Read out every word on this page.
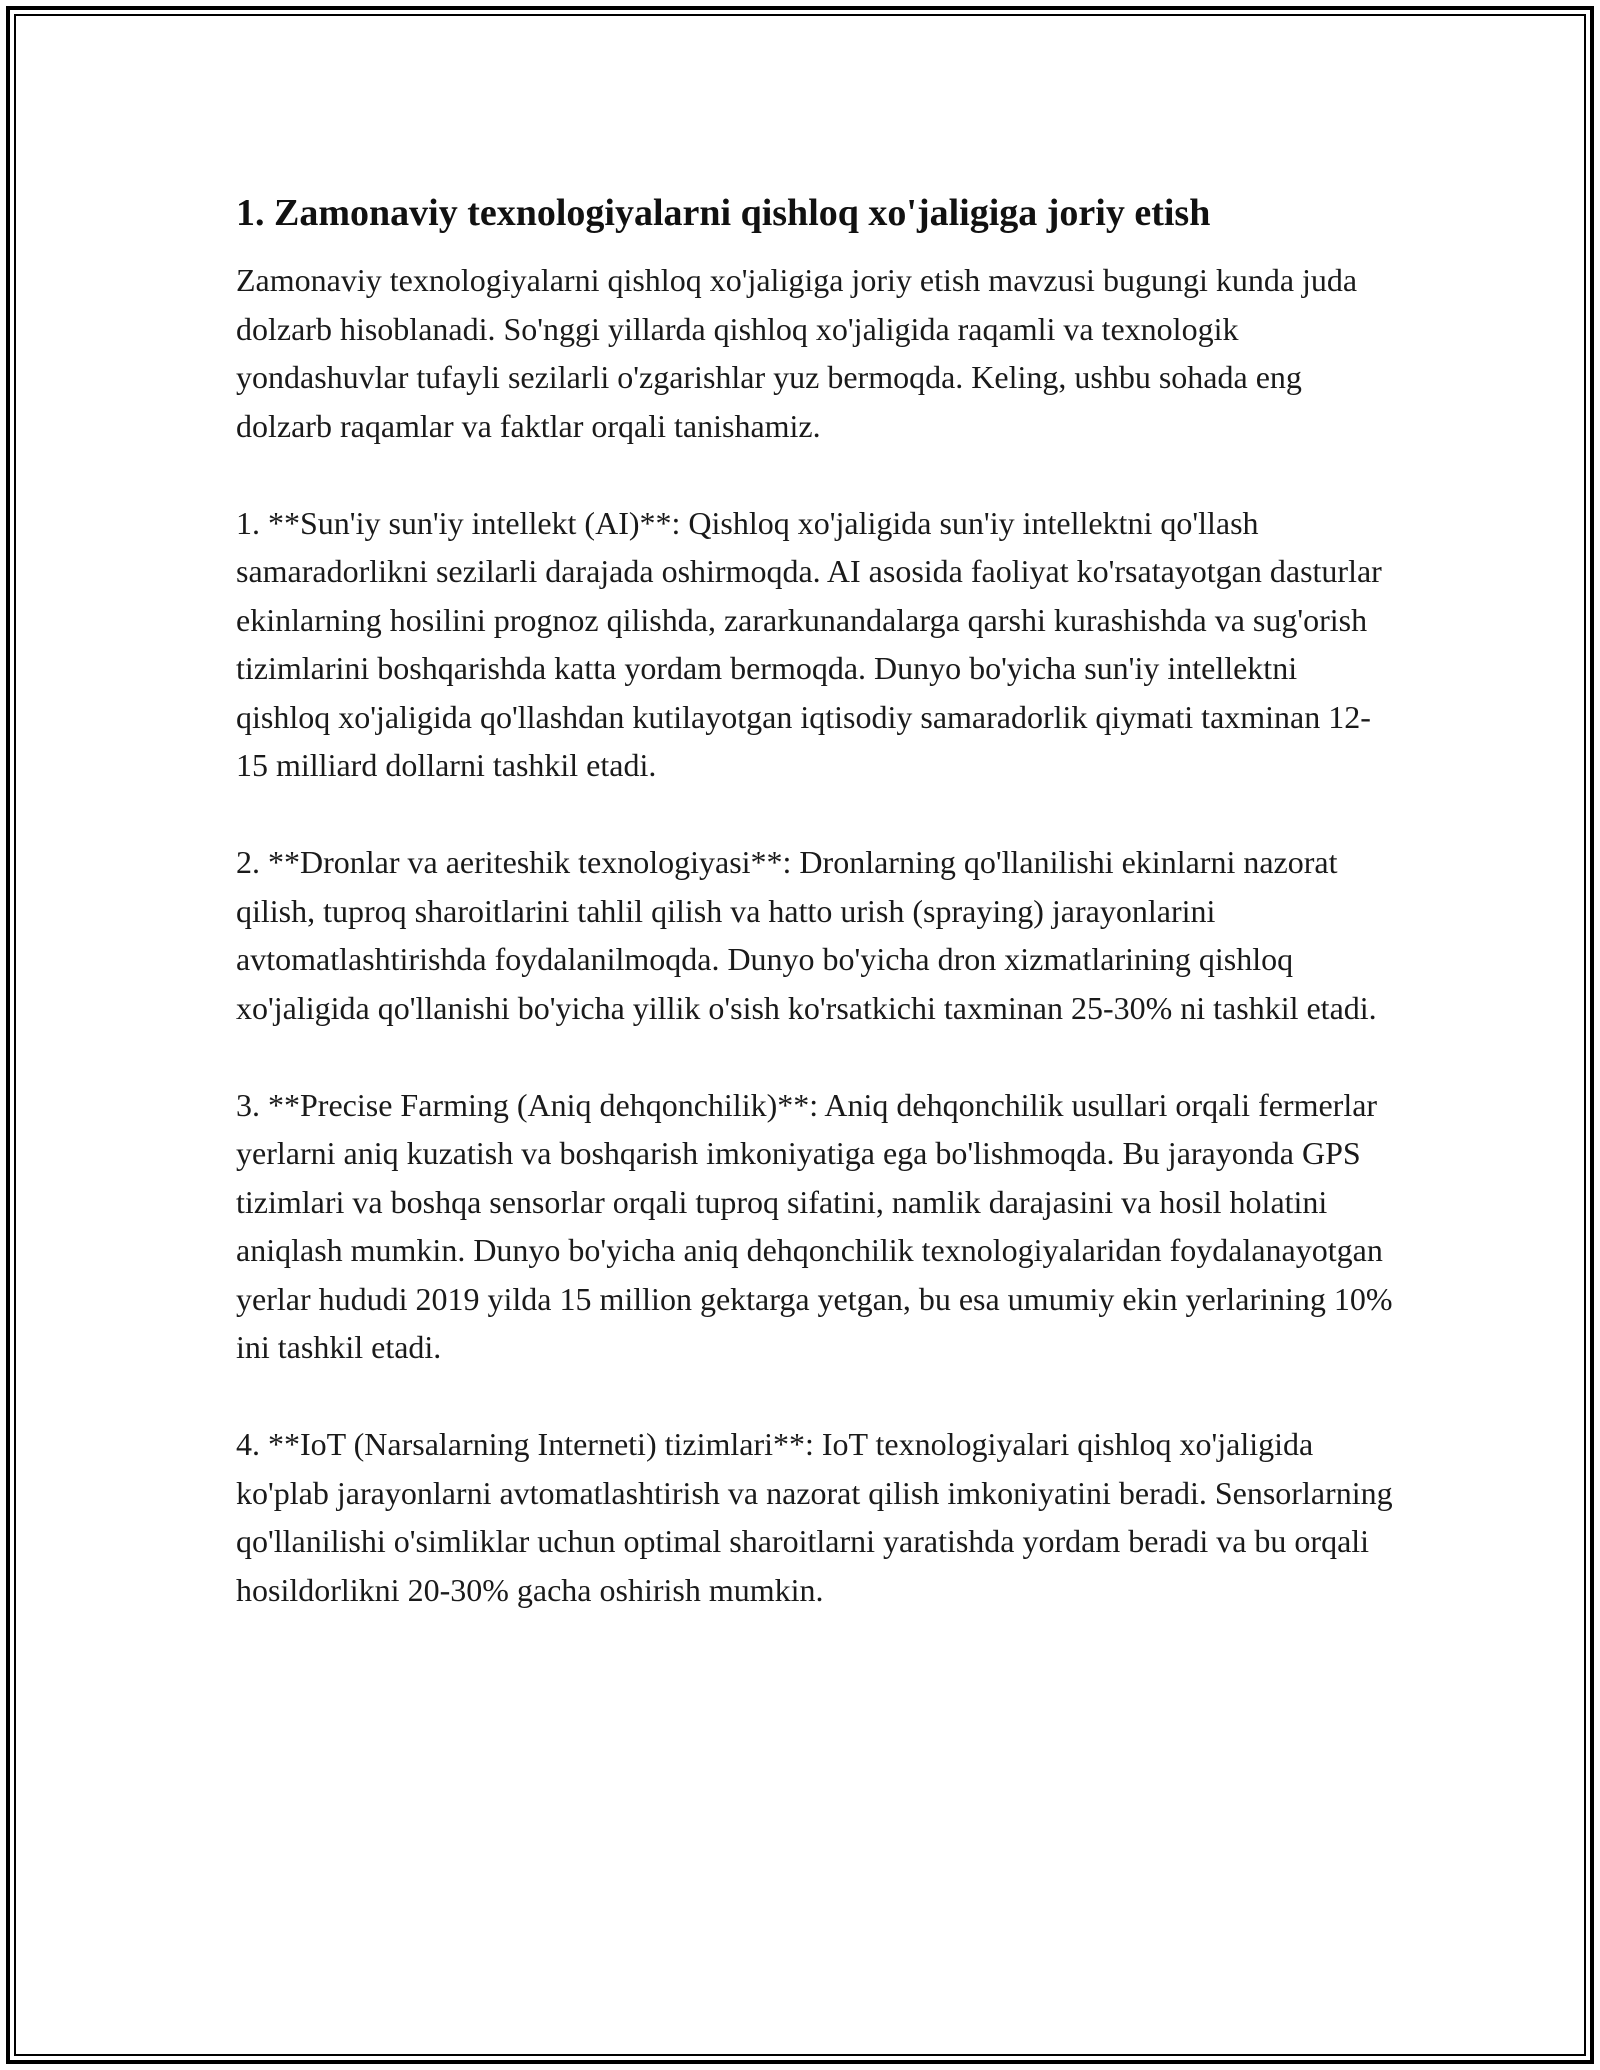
1. Zamonaviy texnologiyalarni qishloq xo'jaligiga joriy etish

Zamonaviy texnologiyalarni qishloq xo'jaligiga joriy etish mavzusi bugungi kunda juda dolzarb hisoblanadi. So'nggi yillarda qishloq xo'jaligida raqamli va texnologik yondashuvlar tufayli sezilarli o'zgarishlar yuz bermoqda. Keling, ushbu sohada eng dolzarb raqamlar va faktlar orqali tanishamiz.

1. **Sun'iy sun'iy intellekt (AI)**: Qishloq xo'jaligida sun'iy intellektni qo'llash samaradorlikni sezilarli darajada oshirmoqda. AI asosida faoliyat ko'rsatayotgan dasturlar ekinlarning hosilini prognoz qilishda, zararkunandalarga qarshi kurashishda va sug'orish tizimlarini boshqarishda katta yordam bermoqda. Dunyo bo'yicha sun'iy intellektni qishloq xo'jaligida qo'llashdan kutilayotgan iqtisodiy samaradorlik qiymati taxminan 12-15 milliard dollarni tashkil etadi.

2. **Dronlar va aeriteshik texnologiyasi**: Dronlarning qo'llanilishi ekinlarni nazorat qilish, tuproq sharoitlarini tahlil qilish va hatto urish (spraying) jarayonlarini avtomatlashtirishda foydalanilmoqda. Dunyo bo'yicha dron xizmatlarining qishloq xo'jaligida qo'llanishi bo'yicha yillik o'sish ko'rsatkichi taxminan 25-30% ni tashkil etadi.

3. **Precise Farming (Aniq dehqonchilik)**: Aniq dehqonchilik usullari orqali fermerlar yerlarni aniq kuzatish va boshqarish imkoniyatiga ega bo'lishmoqda. Bu jarayonda GPS tizimlari va boshqa sensorlar orqali tuproq sifatini, namlik darajasini va hosil holatini aniqlash mumkin. Dunyo bo'yicha aniq dehqonchilik texnologiyalaridan foydalanayotgan yerlar hududi 2019 yilda 15 million gektarga yetgan, bu esa umumiy ekin yerlarining 10% ini tashkil etadi.

4. **IoT (Narsalarning Interneti) tizimlari**: IoT texnologiyalari qishloq xo'jaligida ko'plab jarayonlarni avtomatlashtirish va nazorat qilish imkoniyatini beradi. Sensorlarning qo'llanilishi o'simliklar uchun optimal sharoitlarni yaratishda yordam beradi va bu orqali hosildorlikni 20-30% gacha oshirish mumkin.
